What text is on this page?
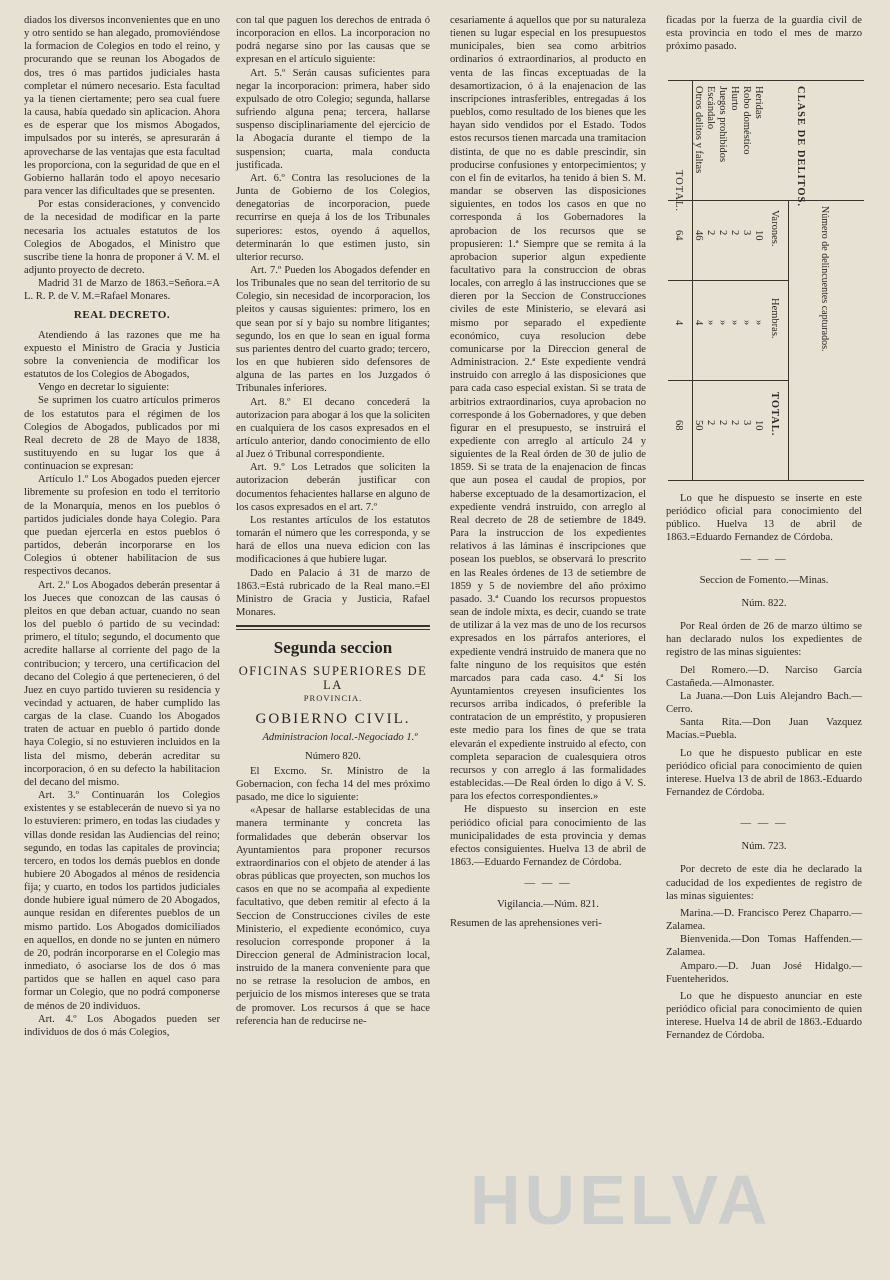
diados los diversos inconvenientes que en uno y otro sentido se han alegado, promoviéndose la formacion de Colegios en todo el reino, y procurando que se reunan los Abogados de dos, tres ó mas partidos judiciales hasta completar el número necesario. Esta facultad ya la tienen ciertamente; pero sea cual fuere la causa, había quedado sin aplicacion. Ahora es de esperar que los mismos Abogados, impulsados por su interés, se apresurarán á aprovecharse de las ventajas que esta facultad les proporciona, con la seguridad de que en el Gobierno hallarán todo el apoyo necesario para vencer las dificultades que se presenten.

Por estas consideraciones, y convencido de la necesidad de modificar en la parte necesaria los actuales estatutos de los Colegios de Abogados, el Ministro que suscribe tiene la honra de proponer á V. M. el adjunto proyecto de decreto.

Madrid 31 de Marzo de 1863.=Señora.=A L. R. P. de V. M.=Rafael Monares.

REAL DECRETO.

Atendiendo á las razones que me ha expuesto el Ministro de Gracia y Justicia sobre la conveniencia de modificar los estatutos de los Colegios de Abogados,

Vengo en decretar lo siguiente:

Se suprimen los cuatro artículos primeros de los estatutos para el régimen de los Colegios de Abogados, publicados por mi Real decreto de 28 de Mayo de 1838, sustituyendo en su lugar los que á continuacion se expresan:

Artículo 1.º Los Abogados pueden ejercer libremente su profesion en todo el territorio de la Monarquía, menos en los pueblos ó partidos judiciales donde haya Colegio. Para que puedan ejercerla en estos pueblos ó partidos, deberán incorporarse en los Colegios ú obtener habilitacion de sus respectivos decanos.

Art. 2.º Los Abogados deberán presentar á los Jueces que conozcan de las causas ó pleitos en que deban actuar, cuando no sean los del pueblo ó partido de su vecindad: primero, el título; segundo, el documento que acredite hallarse al corriente del pago de la contribucion; y tercero, una certificacion del decano del Colegio á que pertenecieren, ó del Juez en cuyo partido tuvieren su residencia y vecindad y actuaren, de haber cumplido las cargas de la clase. Cuando los Abogados traten de actuar en pueblo ó partido donde haya Colegio, si no estuvieren incluidos en la lista del mismo, deberán acreditar su incorporacion, ó en su defecto la habilitacion del decano del mismo.

Art. 3.º Continuarán los Colegios existentes y se establecerán de nuevo si ya no lo estuvieren: primero, en todas las ciudades y villas donde residan las Audiencias del reino; segundo, en todas las capitales de provincia; tercero, en todos los demás pueblos en donde hubiere 20 Abogados al ménos de residencia fija; y cuarto, en todos los partidos judiciales donde hubiere igual número de 20 Abogados, aunque residan en diferentes pueblos de un mismo partido. Los Abogados domiciliados en aquellos, en donde no se junten en número de 20, podrán incorporarse en el Colegio mas inmediato, ó asociarse los de dos ó mas partidos que se hallen en aquel caso para formar un Colegio, que no podrá componerse de ménos de 20 individuos.

Art. 4.º Los Abogados pueden ser individuos de dos ó más Colegios,

con tal que paguen los derechos de entrada ó incorporacion en ellos. La incorporacion no podrá negarse sino por las causas que se expresan en el artículo siguiente:

Art. 5.º Serán causas suficientes para negar la incorporacion: primera, haber sido expulsado de otro Colegio; segunda, hallarse sufriendo alguna pena; tercera, hallarse suspenso disciplinariamente del ejercicio de la Abogacía durante el tiempo de la suspension; cuarta, mala conducta justificada.

Art. 6.º Contra las resoluciones de la Junta de Gobierno de los Colegios, denegatorias de incorporacion, puede recurrirse en queja á los de los Tribunales superiores: estos, oyendo á aquellos, determinarán lo que estimen justo, sin ulterior recurso.

Art. 7.º Pueden los Abogados defender en los Tribunales que no sean del territorio de su Colegio, sin necesidad de incorporacion, los pleitos y causas siguientes: primero, los en que sean por sí y bajo su nombre litigantes; segundo, los en que lo sean en igual forma sus parientes dentro del cuarto grado; tercero, los en que hubieren sido defensores de alguna de las partes en los Juzgados ó Tribunales inferiores.

Art. 8.º El decano concederá la autorizacion para abogar á los que la soliciten en cualquiera de los casos expresados en el artículo anterior, dando conocimiento de ello al Juez ó Tribunal correspondiente.

Art. 9.º Los Letrados que soliciten la autorizacion deberán justificar con documentos fehacientes hallarse en alguno de los casos expresados en el art. 7.º

Los restantes artículos de los estatutos tomarán el número que les corresponda, y se hará de ellos una nueva edicion con las modificaciones á que hubiere lugar.

Dado en Palacio á 31 de marzo de 1863.=Está rubricado de la Real mano.=El Ministro de Gracia y Justicia, Rafael Monares.

Segunda seccion
OFICINAS SUPERIORES DE LA
PROVINCIA.
GOBIERNO CIVIL.

Administracion local.-Negociado 1.º

Número 820.

El Excmo. Sr. Ministro de la Gobernacion, con fecha 14 del mes próximo pasado, me dice lo siguiente:

«Apesar de hallarse establecidas de una manera terminante y concreta las formalidades que deberán observar los Ayuntamientos para proponer recursos extraordinarios con el objeto de atender á las obras públicas que proyecten, son muchos los casos en que no se acompaña al expediente facultativo, que deben remitir al efecto á la Seccion de Construcciones civiles de este Ministerio, el expediente económico, cuya resolucion corresponde proponer á la Direccion general de Administracion local, instruido de la manera conveniente para que no se retrase la resolucion de ambos, en perjuicio de los mismos intereses que se trata de promover. Los recursos á que se hace referencia han de reducirse ne-

cesariamente á aquellos que por su naturaleza tienen su lugar especial en los presupuestos municipales, bien sea como arbitrios ordinarios ó extraordinarios, al producto en venta de las fincas exceptuadas de la desamortizacion, ó á la enajenacion de las inscripciones intrasferibles, entregadas á los pueblos, como resultado de los bienes que les hayan sido vendidos por el Estado. Todos estos recursos tienen marcada una tramitacion distinta, de que no es dable prescindir, sin producirse confusiones y entorpecimientos; y con el fin de evitarlos, ha tenido á bien S. M. mandar se observen las disposiciones siguientes, en todos los casos en que no corresponda á los Gobernadores la aprobacion de los recursos que se propusieren: 1.ª Siempre que se remita á la aprobacion superior algun expediente facultativo para la construccion de obras locales, con arreglo á las instrucciones que se dieren por la Seccion de Construcciones civiles de este Ministerio, se elevará asi mismo por separado el expediente económico, cuya resolucion debe comunicarse por la Direccion general de Administracion. 2.ª Este expediente vendrá instruido con arreglo á las disposiciones que para cada caso especial existan. Si se trata de arbitrios extraordinarios, cuya aprobacion no corresponde á los Gobernadores, y que deben figurar en el presupuesto, se instruirá el expediente con arreglo al artículo 24 y siguientes de la Real órden de 30 de julio de 1859. Si se trata de la enajenacion de fincas que aun posea el caudal de propios, por haberse exceptuado de la desamortizacion, el expediente vendrá instruido, con arreglo al Real decreto de 28 de setiembre de 1849. Para la instruccion de los expedientes relativos á las láminas é inscripciones que posean los pueblos, se observará lo prescrito en las Reales órdenes de 13 de setiembre de 1859 y 5 de noviembre del año próximo pasado. 3.ª Cuando los recursos propuestos sean de índole mixta, es decir, cuando se trate de utilizar á la vez mas de uno de los recursos expresados en los párrafos anteriores, el expediente vendrá instruido de manera que no falte ninguno de los requisitos que estén marcados para cada caso. 4.ª Si los Ayuntamientos creyesen insuficientes los recursos arriba indicados, ó preferible la contratacion de un empréstito, y propusieren este medio para los fines de que se trata elevarán el expediente instruido al efecto, con completa separacion de cualesquiera otros recursos y con arreglo á las formalidades establecidas.—De Real órden lo digo á V. S. para los efectos correspondientes.»

He dispuesto su insercion en este periódico oficial para conocimiento de las municipalidades de esta provincia y demas efectos consiguientes. Huelva 13 de abril de 1863.—Eduardo Fernandez de Córdoba.

— — —

Vigilancia.—Núm. 821.

Resumen de las aprehensiones veri-

ficadas por la fuerza de la guardia civil de esta provincia en todo el mes de marzo próximo pasado.

CLASE DE DELITOS.
Número de delincuentes capturados.
Varones.
Hembras.
TOTAL.
Heridas
10
»
10
Robo doméstico
3
»
3
Hurto
2
»
2
Juegos prohibidos
2
»
2
Escándalo
2
»
2
Otros delitos y faltas
46
4
50
TOTAL.
64
4
68

Lo que he dispuesto se inserte en este periódico oficial para conocimiento del público. Huelva 13 de abril de 1863.=Eduardo Fernandez de Córdoba.

— — —

Seccion de Fomento.—Minas.

Núm. 822.

Por Real órden de 26 de marzo último se han declarado nulos los expedientes de registro de las minas siguientes:

Del Romero.—D. Narciso García Castañeda.—Almonaster.

La Juana.—Don Luis Alejandro Bach.—Cerro.

Santa Rita.—Don Juan Vazquez Macías.=Puebla.

Lo que he dispuesto publicar en este periódico oficial para conocimiento de quien interese. Huelva 13 de abril de 1863.-Eduardo Fernandez de Córdoba.

— — —

Núm. 723.

Por decreto de este dia he declarado la caducidad de los expedientes de registro de las minas siguientes:

Marina.—D. Francisco Perez Chaparro.—Zalamea.

Bienvenida.—Don Tomas Haffenden.—Zalamea.

Amparo.—D. Juan José Hidalgo.—Fuenteheridos.

Lo que he dispuesto anunciar en este periódico oficial para conocimiento de quien interese. Huelva 14 de abril de 1863.-Eduardo Fernandez de Córdoba.

HUELVA
